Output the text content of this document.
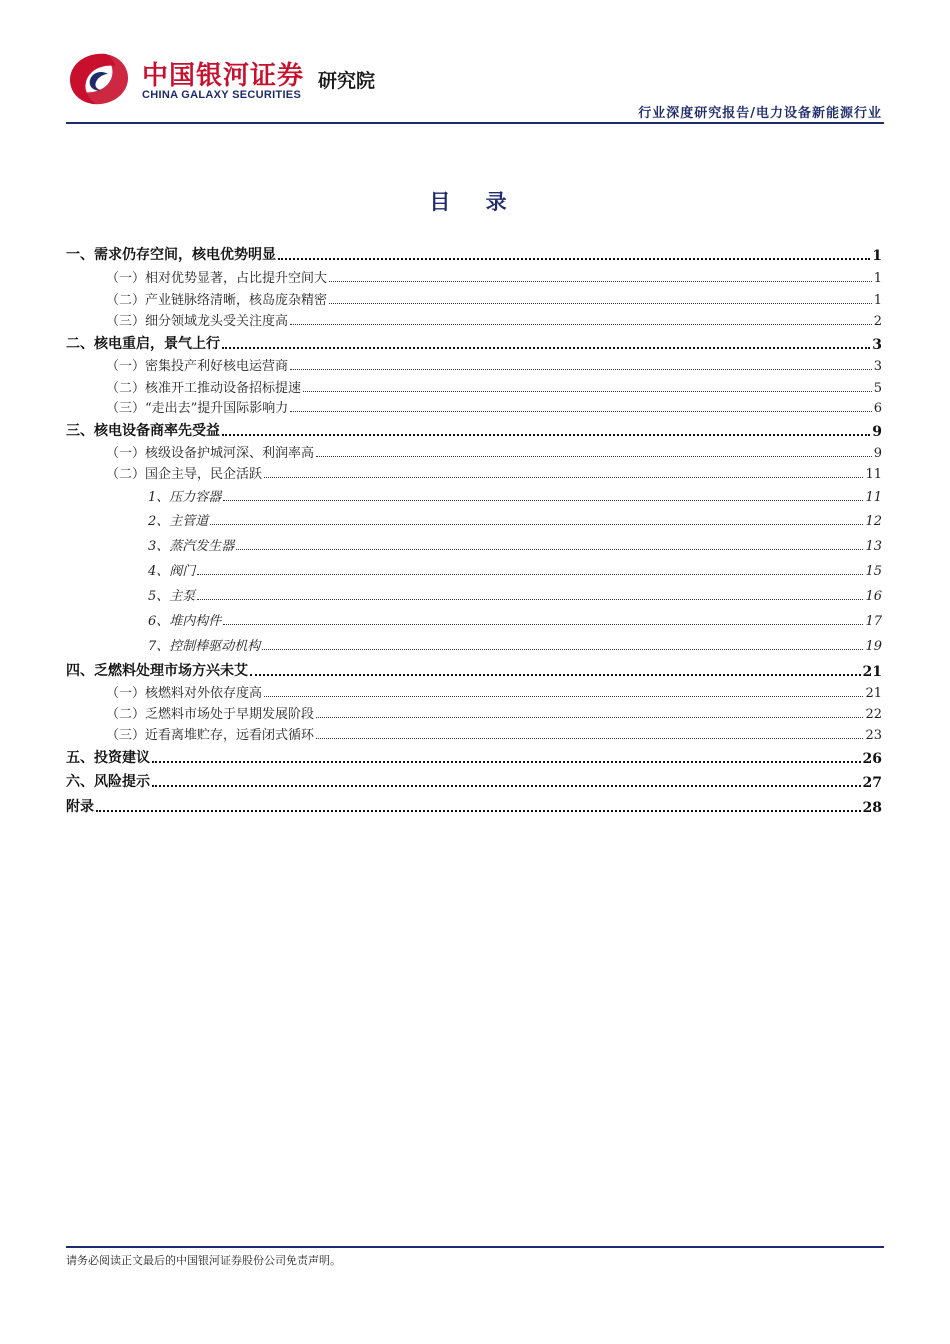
中国银河证券
CHINA GALAXY SECURITIES
研究院
行业深度研究报告/电力设备新能源行业
目 录
一、需求仍存空间，核电优势明显	1
（一）相对优势显著，占比提升空间大	1
（二）产业链脉络清晰，核岛庞杂精密	1
（三）细分领域龙头受关注度高	2
二、核电重启，景气上行	3
（一）密集投产利好核电运营商	3
（二）核准开工推动设备招标提速	5
（三）“走出去”提升国际影响力	6
三、核电设备商率先受益	9
（一）核级设备护城河深、利润率高	9
（二）国企主导，民企活跃	11
1、压力容器	11
2、主管道	12
3、蒸汽发生器	13
4、阀门	15
5、主泵	16
6、堆内构件	17
7、控制棒驱动机构	19
四、乏燃料处理市场方兴未艾	21
（一）核燃料对外依存度高	21
（二）乏燃料市场处于早期发展阶段	22
（三）近看离堆贮存，远看闭式循环	23
五、投资建议	26
六、风险提示	27
附录	28
请务必阅读正文最后的中国银河证券股份公司免责声明。
